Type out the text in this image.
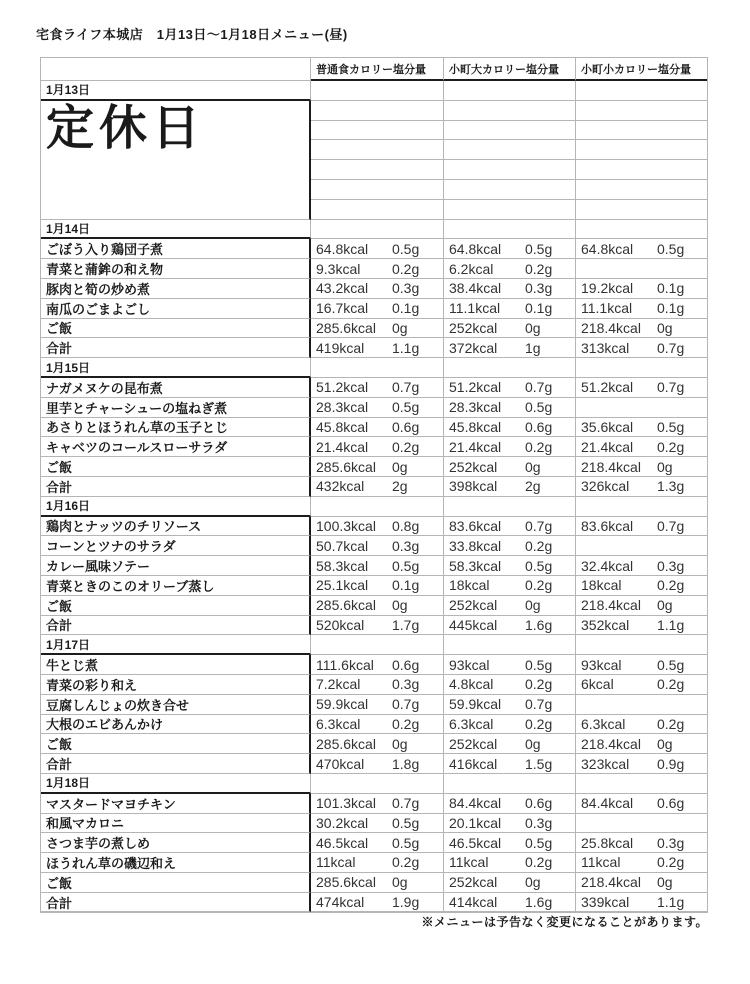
宅食ライフ本城店　1月13日〜1月18日メニュー(昼)
普通食カロリー塩分量	小町大カロリー塩分量	小町小カロリー塩分量
1月13日
定休日
1月14日
ごぼう入り鶏団子煮	64.8kcal	0.5g	64.8kcal	0.5g	64.8kcal	0.5g
青菜と蒲鉾の和え物	9.3kcal	0.2g	6.2kcal	0.2g
豚肉と筍の炒め煮	43.2kcal	0.3g	38.4kcal	0.3g	19.2kcal	0.1g
南瓜のごまよごし	16.7kcal	0.1g	11.1kcal	0.1g	11.1kcal	0.1g
ご飯	285.6kcal	0g	252kcal	0g	218.4kcal	0g
合計	419kcal	1.1g	372kcal	1g	313kcal	0.7g
1月15日
ナガメヌケの昆布煮	51.2kcal	0.7g	51.2kcal	0.7g	51.2kcal	0.7g
里芋とチャーシューの塩ねぎ煮	28.3kcal	0.5g	28.3kcal	0.5g
あさりとほうれん草の玉子とじ	45.8kcal	0.6g	45.8kcal	0.6g	35.6kcal	0.5g
キャベツのコールスローサラダ	21.4kcal	0.2g	21.4kcal	0.2g	21.4kcal	0.2g
ご飯	285.6kcal	0g	252kcal	0g	218.4kcal	0g
合計	432kcal	2g	398kcal	2g	326kcal	1.3g
1月16日
鶏肉とナッツのチリソース	100.3kcal	0.8g	83.6kcal	0.7g	83.6kcal	0.7g
コーンとツナのサラダ	50.7kcal	0.3g	33.8kcal	0.2g
カレー風味ソテー	58.3kcal	0.5g	58.3kcal	0.5g	32.4kcal	0.3g
青菜ときのこのオリーブ蒸し	25.1kcal	0.1g	18kcal	0.2g	18kcal	0.2g
ご飯	285.6kcal	0g	252kcal	0g	218.4kcal	0g
合計	520kcal	1.7g	445kcal	1.6g	352kcal	1.1g
1月17日
牛とじ煮	111.6kcal	0.6g	93kcal	0.5g	93kcal	0.5g
青菜の彩り和え	7.2kcal	0.3g	4.8kcal	0.2g	6kcal	0.2g
豆腐しんじょの炊き合せ	59.9kcal	0.7g	59.9kcal	0.7g
大根のエビあんかけ	6.3kcal	0.2g	6.3kcal	0.2g	6.3kcal	0.2g
ご飯	285.6kcal	0g	252kcal	0g	218.4kcal	0g
合計	470kcal	1.8g	416kcal	1.5g	323kcal	0.9g
1月18日
マスタードマヨチキン	101.3kcal	0.7g	84.4kcal	0.6g	84.4kcal	0.6g
和風マカロニ	30.2kcal	0.5g	20.1kcal	0.3g
さつま芋の煮しめ	46.5kcal	0.5g	46.5kcal	0.5g	25.8kcal	0.3g
ほうれん草の磯辺和え	11kcal	0.2g	11kcal	0.2g	11kcal	0.2g
ご飯	285.6kcal	0g	252kcal	0g	218.4kcal	0g
合計	474kcal	1.9g	414kcal	1.6g	339kcal	1.1g
※メニューは予告なく変更になることがあります。
